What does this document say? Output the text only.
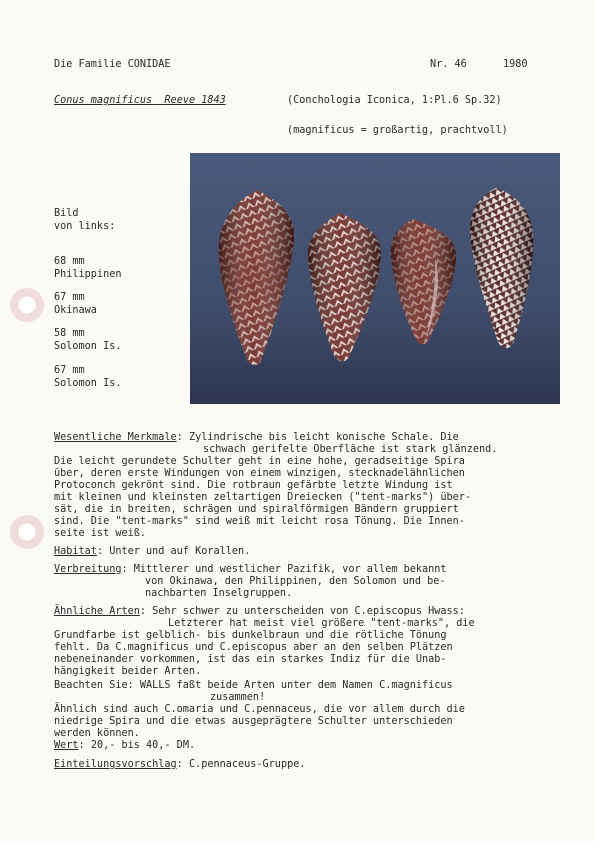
Die Familie CONIDAE	Nr. 46	1980
Conus magnificus Reeve 1843	(Conchologia Iconica, 1:Pl.6 Sp.32)
(magnificus = großartig, prachtvoll)
Bild
von links:
68 mm
Philippinen
67 mm
Okinawa
58 mm
Solomon Is.
67 mm
Solomon Is.
Wesentliche Merkmale: Zylindrische bis leicht konische Schale. Die
schwach gerifelte Oberfläche ist stark glänzend.
Die leicht gerundete Schulter geht in eine hohe, geradseitige Spira
über, deren erste Windungen von einem winzigen, stecknadelähnlichen
Protoconch gekrönt sind. Die rotbraun gefärbte letzte Windung ist
mit kleinen und kleinsten zeltartigen Dreiecken ("tent-marks") über-
sät, die in breiten, schrägen und spiralförmigen Bändern gruppiert
sind. Die "tent-marks" sind weiß mit leicht rosa Tönung. Die Innen-
seite ist weiß.
Habitat: Unter und auf Korallen.
Verbreitung: Mittlerer und westlicher Pazifik, vor allem bekannt
von Okinawa, den Philippinen, den Solomon und be-
nachbarten Inselgruppen.
Ähnliche Arten: Sehr schwer zu unterscheiden von C.episcopus Hwass:
Letzterer hat meist viel größere "tent-marks", die
Grundfarbe ist gelblich- bis dunkelbraun und die rötliche Tönung
fehlt. Da C.magnificus und C.episcopus aber an den selben Plätzen
nebeneinander vorkommen, ist das ein starkes Indiz für die Unab-
hängigkeit beider Arten.
Beachten Sie: WALLS faßt beide Arten unter dem Namen C.magnificus
zusammen!
Ähnlich sind auch C.omaria und C.pennaceus, die vor allem durch die
niedrige Spira und die etwas ausgeprägtere Schulter unterschieden
werden können.
Wert: 20,- bis 40,- DM.
Einteilungsvorschlag: C.pennaceus-Gruppe.
